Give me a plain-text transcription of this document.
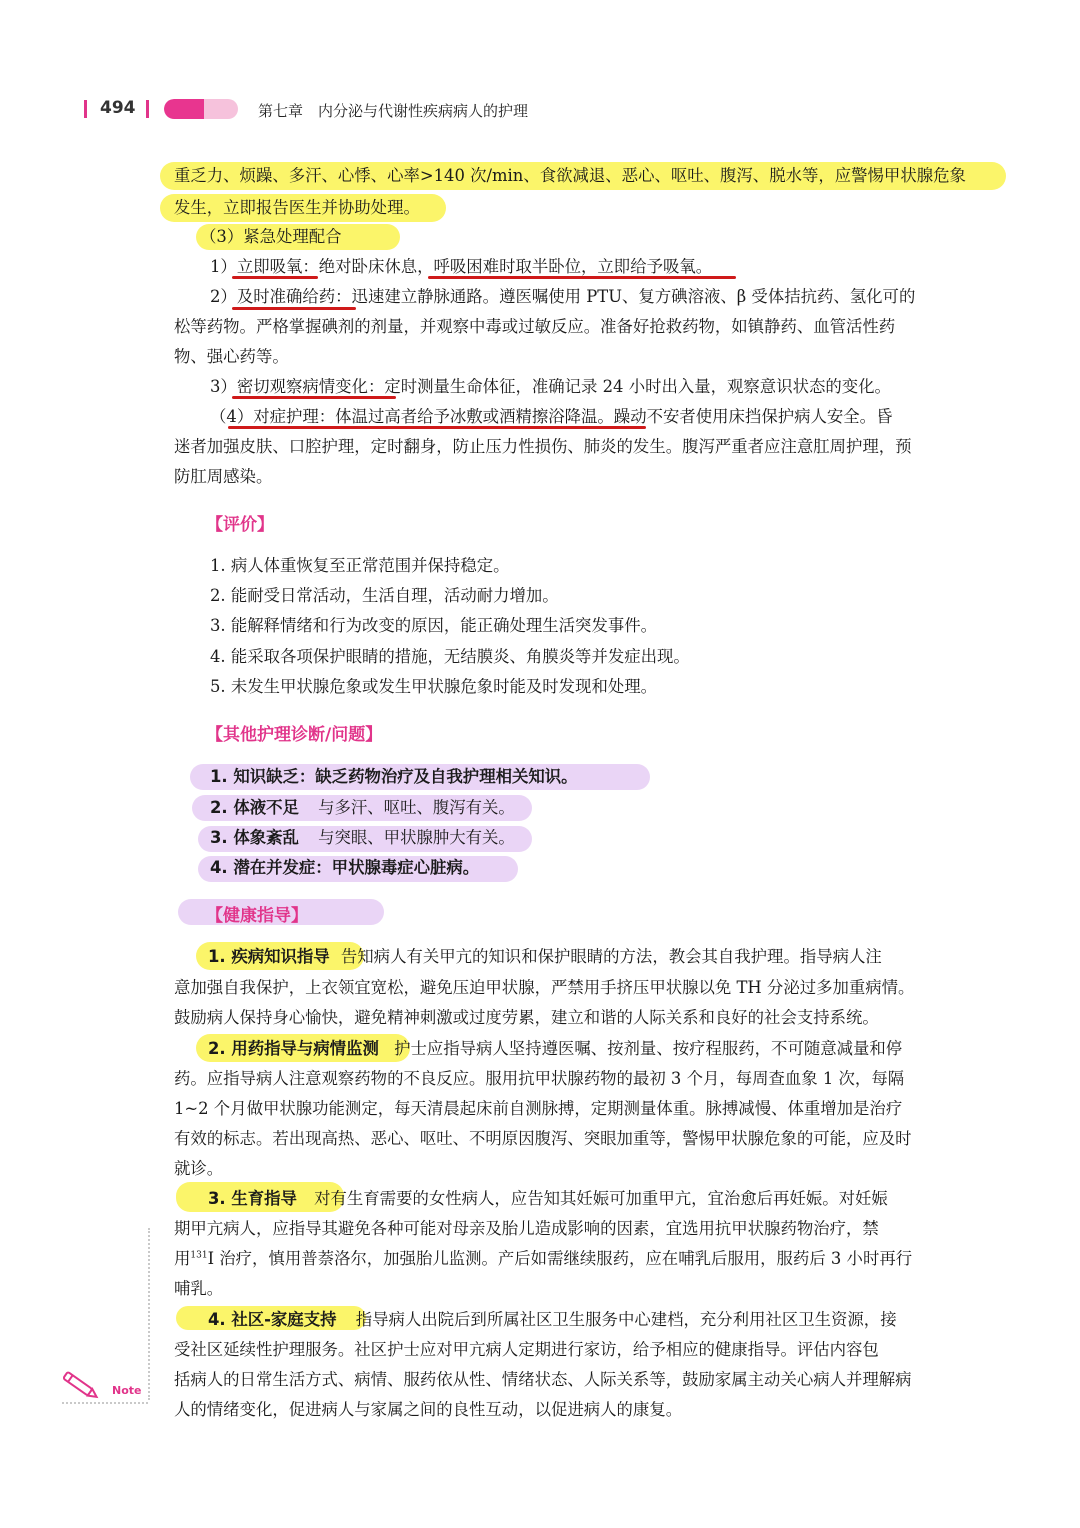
494	第七章　内分泌与代谢性疾病病人的护理
重乏力、烦躁、多汗、心悸、心率>140 次/min、食欲减退、恶心、呕吐、腹泻、脱水等，应警惕甲状腺危象
发生，立即报告医生并协助处理。
（3）紧急处理配合
1）立即吸氧：绝对卧床休息，呼吸困难时取半卧位，立即给予吸氧。
2）及时准确给药：迅速建立静脉通路。遵医嘱使用 PTU、复方碘溶液、β 受体拮抗药、氢化可的
松等药物。严格掌握碘剂的剂量，并观察中毒或过敏反应。准备好抢救药物，如镇静药、血管活性药
物、强心药等。
3）密切观察病情变化：定时测量生命体征，准确记录 24 小时出入量，观察意识状态的变化。
（4）对症护理：体温过高者给予冰敷或酒精擦浴降温。躁动不安者使用床挡保护病人安全。昏
迷者加强皮肤、口腔护理，定时翻身，防止压力性损伤、肺炎的发生。腹泻严重者应注意肛周护理，预
防肛周感染。
【评价】
1. 病人体重恢复至正常范围并保持稳定。
2. 能耐受日常活动，生活自理，活动耐力增加。
3. 能解释情绪和行为改变的原因，能正确处理生活突发事件。
4. 能采取各项保护眼睛的措施，无结膜炎、角膜炎等并发症出现。
5. 未发生甲状腺危象或发生甲状腺危象时能及时发现和处理。
【其他护理诊断/问题】
1. 知识缺乏：缺乏药物治疗及自我护理相关知识。
2. 体液不足 与多汗、呕吐、腹泻有关。
3. 体象紊乱 与突眼、甲状腺肿大有关。
4. 潜在并发症：甲状腺毒症心脏病。
【健康指导】
1. 疾病知识指导 告知病人有关甲亢的知识和保护眼睛的方法，教会其自我护理。指导病人注
意加强自我保护，上衣领宜宽松，避免压迫甲状腺，严禁用手挤压甲状腺以免 TH 分泌过多加重病情。
鼓励病人保持身心愉快，避免精神刺激或过度劳累，建立和谐的人际关系和良好的社会支持系统。
2. 用药指导与病情监测 护士应指导病人坚持遵医嘱、按剂量、按疗程服药，不可随意减量和停
药。应指导病人注意观察药物的不良反应。服用抗甲状腺药物的最初 3 个月，每周查血象 1 次，每隔
1~2 个月做甲状腺功能测定，每天清晨起床前自测脉搏，定期测量体重。脉搏减慢、体重增加是治疗
有效的标志。若出现高热、恶心、呕吐、不明原因腹泻、突眼加重等，警惕甲状腺危象的可能，应及时
就诊。
3. 生育指导 对有生育需要的女性病人，应告知其妊娠可加重甲亢，宜治愈后再妊娠。对妊娠
期甲亢病人，应指导其避免各种可能对母亲及胎儿造成影响的因素，宜选用抗甲状腺药物治疗，禁
用$^{131}$I 治疗，慎用普萘洛尔，加强胎儿监测。产后如需继续服药，应在哺乳后服用，服药后 3 小时再行
哺乳。
4. 社区-家庭支持 指导病人出院后到所属社区卫生服务中心建档，充分利用社区卫生资源，接
受社区延续性护理服务。社区护士应对甲亢病人定期进行家访，给予相应的健康指导。评估内容包
括病人的日常生活方式、病情、服药依从性、情绪状态、人际关系等，鼓励家属主动关心病人并理解病
人的情绪变化，促进病人与家属之间的良性互动，以促进病人的康复。
Note
